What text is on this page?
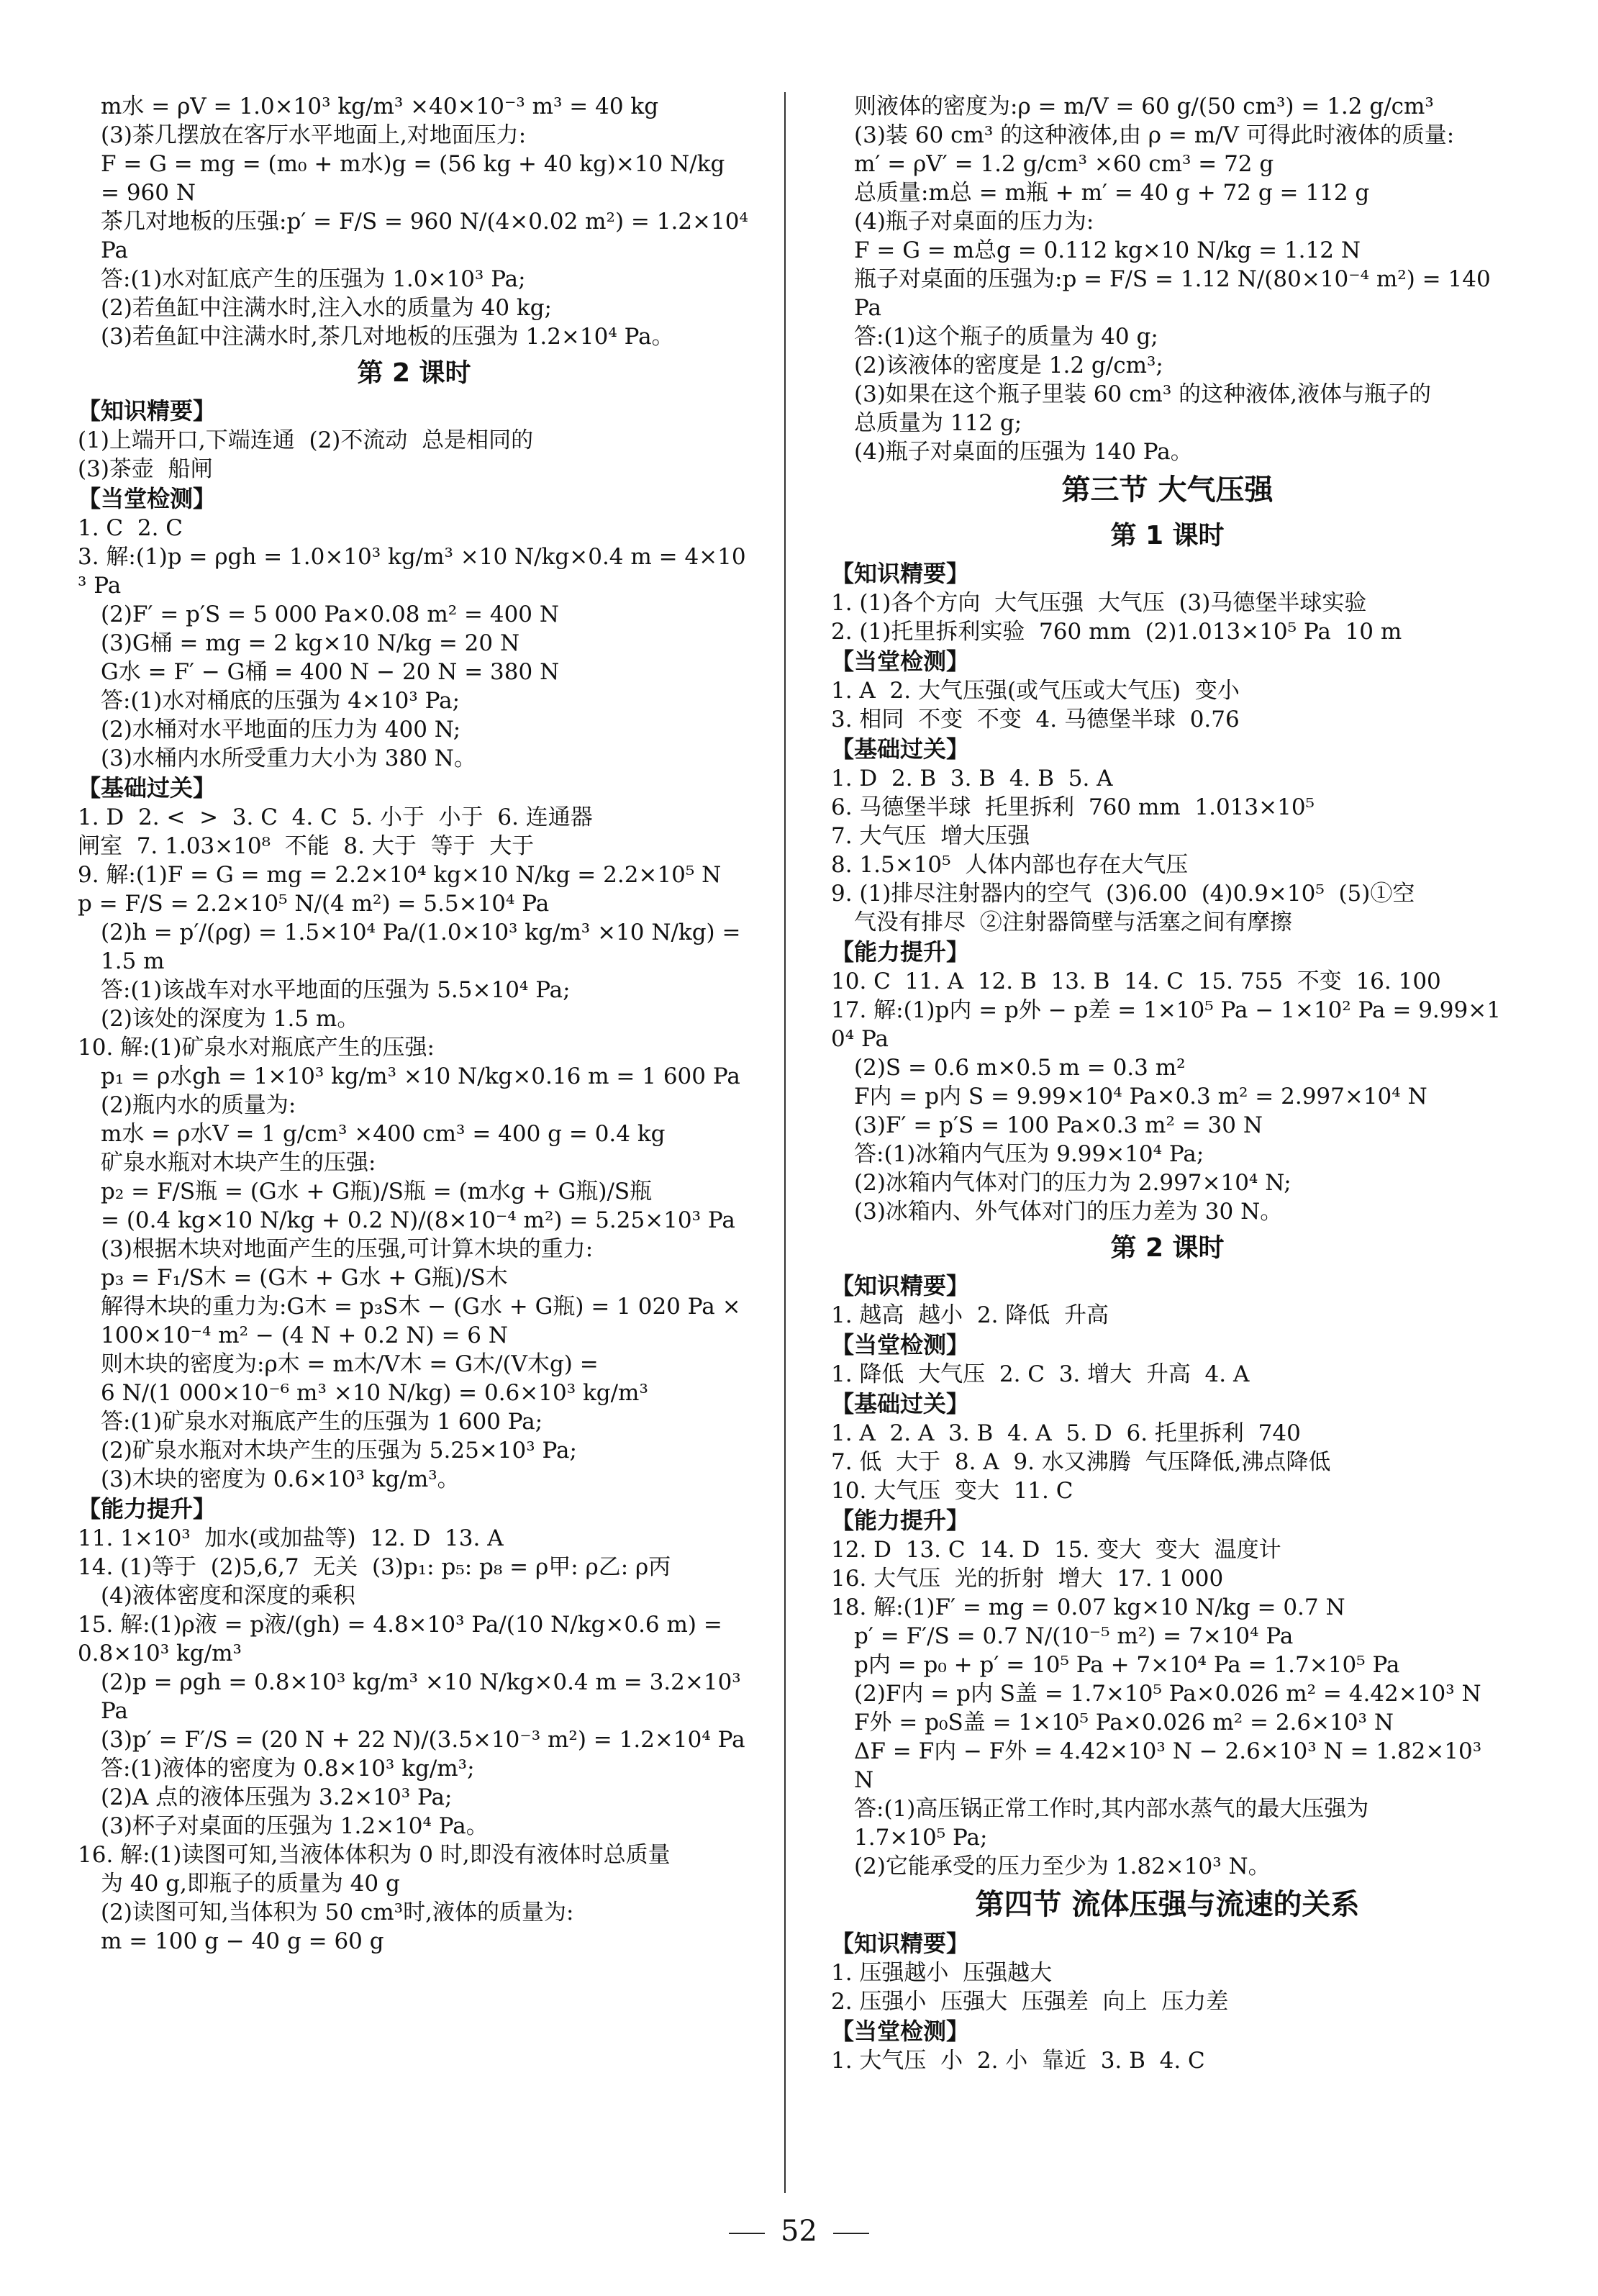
m水 = ρV = 1.0×10³ kg/m³ ×40×10⁻³ m³ = 40 kg
(3)茶几摆放在客厅水平地面上,对地面压力:
F = G = mg = (m₀ + m水)g = (56 kg + 40 kg)×10 N/kg = 960 N
茶几对地板的压强:p′ = F/S = 960 N/(4×0.02 m²) = 1.2×10⁴ Pa
答:(1)水对缸底产生的压强为 1.0×10³ Pa;
(2)若鱼缸中注满水时,注入水的质量为 40 kg;
(3)若鱼缸中注满水时,茶几对地板的压强为 1.2×10⁴ Pa。
第 2 课时
【 知识精要 】
(1)上端开口,下端连通  (2)不流动  总是相同的
(3)茶壶  船闸
【 当堂检测 】
1. C  2. C
3. 解:(1)p = ρgh = 1.0×10³ kg/m³ ×10 N/kg×0.4 m = 4×10³ Pa
(2)F′ = p′S = 5 000 Pa×0.08 m² = 400 N
(3)G桶 = mg = 2 kg×10 N/kg = 20 N
G水 = F′ − G桶 = 400 N − 20 N = 380 N
答:(1)水对桶底的压强为 4×10³ Pa;
(2)水桶对水平地面的压力为 400 N;
(3)水桶内水所受重力大小为 380 N。
【 基础过关 】
1. D  2. <  >  3. C  4. C  5. 小于  小于  6. 连通器
闸室  7. 1.03×10⁸  不能  8. 大于  等于  大于
9. 解:(1)F = G = mg = 2.2×10⁴ kg×10 N/kg = 2.2×10⁵ N
p = F/S = 2.2×10⁵ N/(4 m²) = 5.5×10⁴ Pa
(2)h = p′/(ρg) = 1.5×10⁴ Pa/(1.0×10³ kg/m³ ×10 N/kg) = 1.5 m
答:(1)该战车对水平地面的压强为 5.5×10⁴ Pa;
(2)该处的深度为 1.5 m。
10. 解:(1)矿泉水对瓶底产生的压强:
p₁ = ρ水gh = 1×10³ kg/m³ ×10 N/kg×0.16 m = 1 600 Pa
(2)瓶内水的质量为:
m水 = ρ水V = 1 g/cm³ ×400 cm³ = 400 g = 0.4 kg
矿泉水瓶对木块产生的压强:
p₂ = F/S瓶 = (G水 + G瓶)/S瓶 = (m水g + G瓶)/S瓶
= (0.4 kg×10 N/kg + 0.2 N)/(8×10⁻⁴ m²) = 5.25×10³ Pa
(3)根据木块对地面产生的压强,可计算木块的重力:
p₃ = F₁/S木 = (G木 + G水 + G瓶)/S木
解得木块的重力为:G木 = p₃S木 − (G水 + G瓶) = 1 020 Pa ×
100×10⁻⁴ m² − (4 N + 0.2 N) = 6 N
则木块的密度为:ρ木 = m木/V木 = G木/(V木g) =
6 N/(1 000×10⁻⁶ m³ ×10 N/kg) = 0.6×10³ kg/m³
答:(1)矿泉水对瓶底产生的压强为 1 600 Pa;
(2)矿泉水瓶对木块产生的压强为 5.25×10³ Pa;
(3)木块的密度为 0.6×10³ kg/m³。
【 能力提升 】
11. 1×10³  加水(或加盐等)  12. D  13. A
14. (1)等于  (2)5,6,7  无关  (3)p₁: p₅: p₈ = ρ甲: ρ乙: ρ丙
(4)液体密度和深度的乘积
15. 解:(1)ρ液 = p液/(gh) = 4.8×10³ Pa/(10 N/kg×0.6 m) = 0.8×10³ kg/m³
(2)p = ρgh = 0.8×10³ kg/m³ ×10 N/kg×0.4 m = 3.2×10³ Pa
(3)p′ = F′/S = (20 N + 22 N)/(3.5×10⁻³ m²) = 1.2×10⁴ Pa
答:(1)液体的密度为 0.8×10³ kg/m³;
(2)A 点的液体压强为 3.2×10³ Pa;
(3)杯子对桌面的压强为 1.2×10⁴ Pa。
16. 解:(1)读图可知,当液体体积为 0 时,即没有液体时总质量
为 40 g,即瓶子的质量为 40 g
(2)读图可知,当体积为 50 cm³时,液体的质量为:
m = 100 g − 40 g = 60 g
则液体的密度为:ρ = m/V = 60 g/(50 cm³) = 1.2 g/cm³
(3)装 60 cm³ 的这种液体,由 ρ = m/V 可得此时液体的质量:
m′ = ρV′ = 1.2 g/cm³ ×60 cm³ = 72 g
总质量:m总 = m瓶 + m′ = 40 g + 72 g = 112 g
(4)瓶子对桌面的压力为:
F = G = m总g = 0.112 kg×10 N/kg = 1.12 N
瓶子对桌面的压强为:p = F/S = 1.12 N/(80×10⁻⁴ m²) = 140 Pa
答:(1)这个瓶子的质量为 40 g;
(2)该液体的密度是 1.2 g/cm³;
(3)如果在这个瓶子里装 60 cm³ 的这种液体,液体与瓶子的
总质量为 112 g;
(4)瓶子对桌面的压强为 140 Pa。
第三节 大气压强
第 1 课时
【 知识精要 】
1. (1)各个方向  大气压强  大气压  (3)马德堡半球实验
2. (1)托里拆利实验  760 mm  (2)1.013×10⁵ Pa  10 m
【 当堂检测 】
1. A  2. 大气压强(或气压或大气压)  变小
3. 相同  不变  不变  4. 马德堡半球  0.76
【 基础过关 】
1. D  2. B  3. B  4. B  5. A
6. 马德堡半球  托里拆利  760 mm  1.013×10⁵
7. 大气压  增大压强
8. 1.5×10⁵  人体内部也存在大气压
9. (1)排尽注射器内的空气  (3)6.00  (4)0.9×10⁵  (5)①空
气没有排尽  ②注射器筒壁与活塞之间有摩擦
【 能力提升 】
10. C  11. A  12. B  13. B  14. C  15. 755  不变  16. 100
17. 解:(1)p内 = p外 − p差 = 1×10⁵ Pa − 1×10² Pa = 9.99×10⁴ Pa
(2)S = 0.6 m×0.5 m = 0.3 m²
F内 = p内 S = 9.99×10⁴ Pa×0.3 m² = 2.997×10⁴ N
(3)F′ = p′S = 100 Pa×0.3 m² = 30 N
答:(1)冰箱内气压为 9.99×10⁴ Pa;
(2)冰箱内气体对门的压力为 2.997×10⁴ N;
(3)冰箱内、外气体对门的压力差为 30 N。
第 2 课时
【 知识精要 】
1. 越高  越小  2. 降低  升高
【 当堂检测 】
1. 降低  大气压  2. C  3. 增大  升高  4. A
【 基础过关 】
1. A  2. A  3. B  4. A  5. D  6. 托里拆利  740
7. 低  大于  8. A  9. 水又沸腾  气压降低,沸点降低
10. 大气压  变大  11. C
【 能力提升 】
12. D  13. C  14. D  15. 变大  变大  温度计
16. 大气压  光的折射  增大  17. 1 000
18. 解:(1)F′ = mg = 0.07 kg×10 N/kg = 0.7 N
p′ = F′/S = 0.7 N/(10⁻⁵ m²) = 7×10⁴ Pa
p内 = p₀ + p′ = 10⁵ Pa + 7×10⁴ Pa = 1.7×10⁵ Pa
(2)F内 = p内 S盖 = 1.7×10⁵ Pa×0.026 m² = 4.42×10³ N
F外 = p₀S盖 = 1×10⁵ Pa×0.026 m² = 2.6×10³ N
ΔF = F内 − F外 = 4.42×10³ N − 2.6×10³ N = 1.82×10³ N
答:(1)高压锅正常工作时,其内部水蒸气的最大压强为
1.7×10⁵ Pa;
(2)它能承受的压力至少为 1.82×10³ N。
第四节 流体压强与流速的关系
【 知识精要 】
1. 压强越小  压强越大
2. 压强小  压强大  压强差  向上  压力差
【 当堂检测 】
1. 大气压  小  2. 小  靠近  3. B  4. C
52
